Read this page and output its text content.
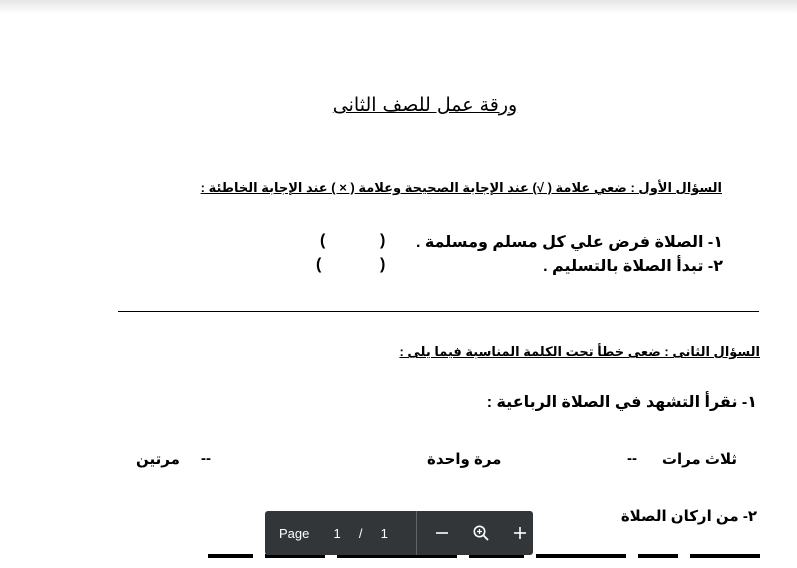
ورقة عمل للصف الثانى
السؤال الأول : ضعي علامة ( √) عند الإجابة الصحيحة وعلامة ( × ) عند الإجابة الخاطئة :
١- الصلاة فرض علي كل مسلم ومسلمة .
(
)
٢- تبدأ الصلاة بالتسليم .
(
)
السؤال الثانى : ضعى خطأ تحت الكلمة المناسبة فيما يلى :
١- نقرأ التشهد في الصلاة الرباعية :
ثلاث مرات
--
مرة واحدة
--
مرتين
٢- من اركان الصلاة
Page 1 / 1
